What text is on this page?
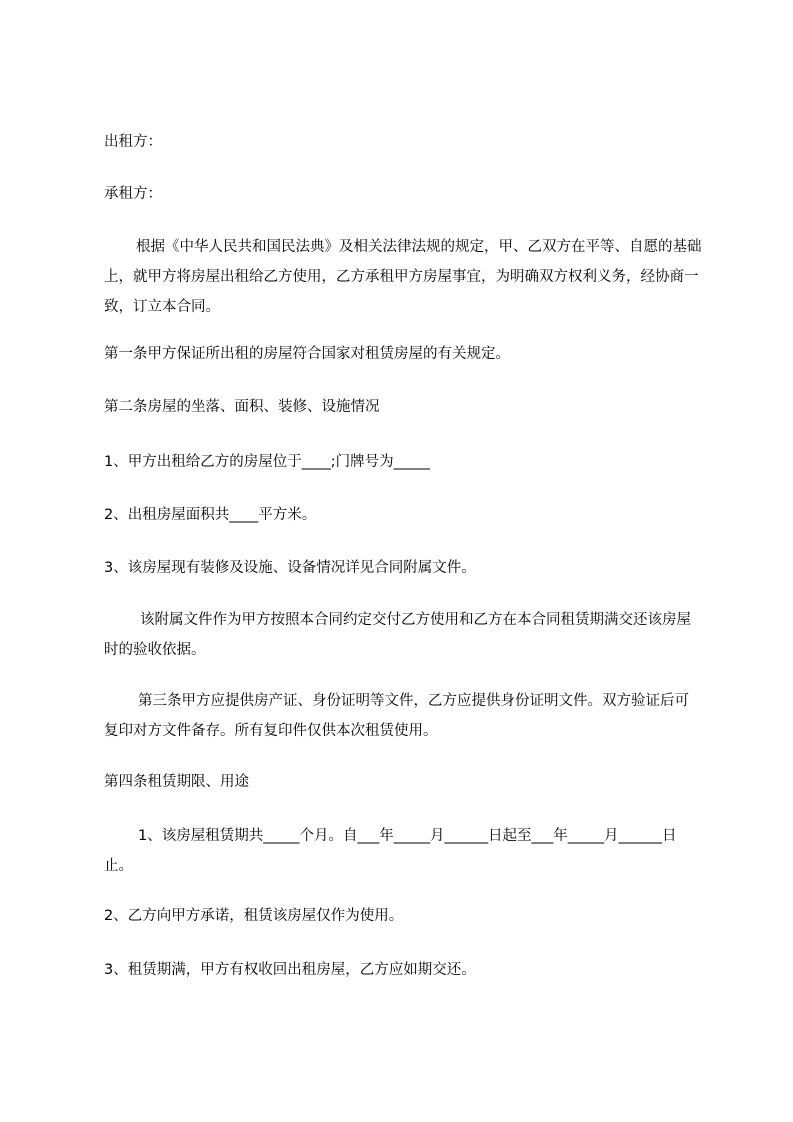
出租方：

承租方：

根据《中华人民共和国民法典》及相关法律法规的规定，甲、乙双方在平等、自愿的基础上，就甲方将房屋出租给乙方使用，乙方承租甲方房屋事宜，为明确双方权利义务，经协商一致，订立本合同。

第一条甲方保证所出租的房屋符合国家对租赁房屋的有关规定。

第二条房屋的坐落、面积、装修、设施情况

1、甲方出租给乙方的房屋位于____;门牌号为_____

2、出租房屋面积共____平方米。

3、该房屋现有装修及设施、设备情况详见合同附属文件。

该附属文件作为甲方按照本合同约定交付乙方使用和乙方在本合同租赁期满交还该房屋时的验收依据。

第三条甲方应提供房产证、身份证明等文件，乙方应提供身份证明文件。双方验证后可复印对方文件备存。所有复印件仅供本次租赁使用。

第四条租赁期限、用途

1、该房屋租赁期共_____个月。自___年_____月______日起至___年_____月______日止。

2、乙方向甲方承诺，租赁该房屋仅作为使用。

3、租赁期满，甲方有权收回出租房屋，乙方应如期交还。
